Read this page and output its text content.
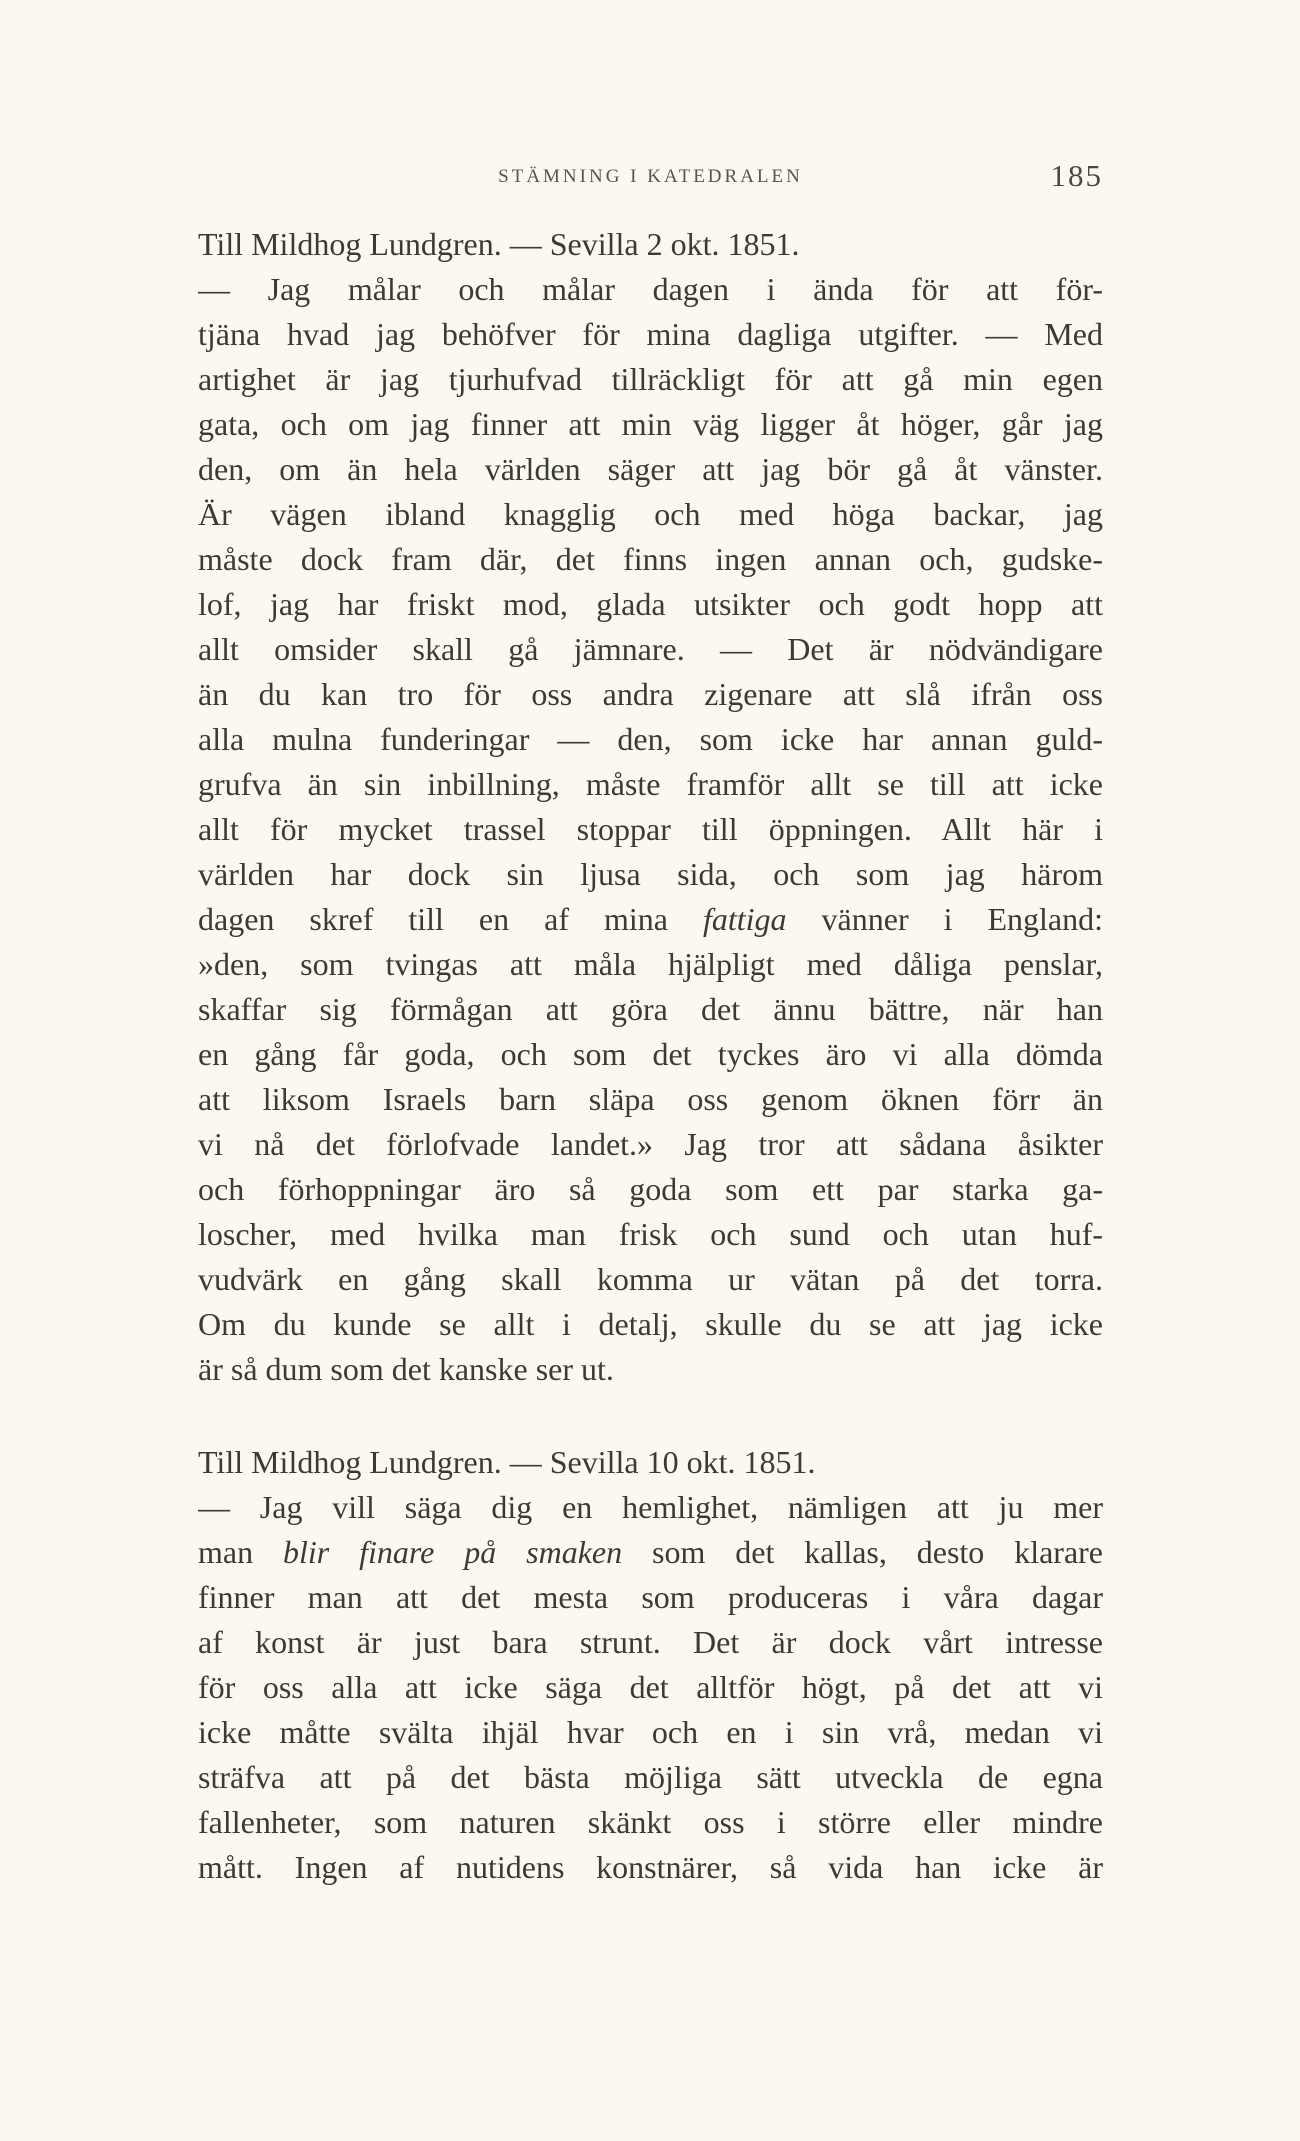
STÄMNING I KATEDRALEN	185
Till Mildhog Lundgren. — Sevilla 2 okt. 1851.
— Jag målar och målar dagen i ända för att för-
tjäna hvad jag behöfver för mina dagliga utgifter. — Med
artighet är jag tjurhufvad tillräckligt för att gå min egen
gata, och om jag finner att min väg ligger åt höger, går jag
den, om än hela världen säger att jag bör gå åt vänster.
Är vägen ibland knagglig och med höga backar, jag
måste dock fram där, det finns ingen annan och, gudske-
lof, jag har friskt mod, glada utsikter och godt hopp att
allt omsider skall gå jämnare. — Det är nödvändigare
än du kan tro för oss andra zigenare att slå ifrån oss
alla mulna funderingar — den, som icke har annan guld-
grufva än sin inbillning, måste framför allt se till att icke
allt för mycket trassel stoppar till öppningen. Allt här i
världen har dock sin ljusa sida, och som jag härom
dagen skref till en af mina fattiga vänner i England:
»den, som tvingas att måla hjälpligt med dåliga penslar,
skaffar sig förmågan att göra det ännu bättre, när han
en gång får goda, och som det tyckes äro vi alla dömda
att liksom Israels barn släpa oss genom öknen förr än
vi nå det förlofvade landet.» Jag tror att sådana åsikter
och förhoppningar äro så goda som ett par starka ga-
loscher, med hvilka man frisk och sund och utan huf-
vudvärk en gång skall komma ur vätan på det torra.
Om du kunde se allt i detalj, skulle du se att jag icke
är så dum som det kanske ser ut.
Till Mildhog Lundgren. — Sevilla 10 okt. 1851.
— Jag vill säga dig en hemlighet, nämligen att ju mer
man blir finare på smaken som det kallas, desto klarare
finner man att det mesta som produceras i våra dagar
af konst är just bara strunt. Det är dock vårt intresse
för oss alla att icke säga det alltför högt, på det att vi
icke måtte svälta ihjäl hvar och en i sin vrå, medan vi
sträfva att på det bästa möjliga sätt utveckla de egna
fallenheter, som naturen skänkt oss i större eller mindre
mått. Ingen af nutidens konstnärer, så vida han icke är
